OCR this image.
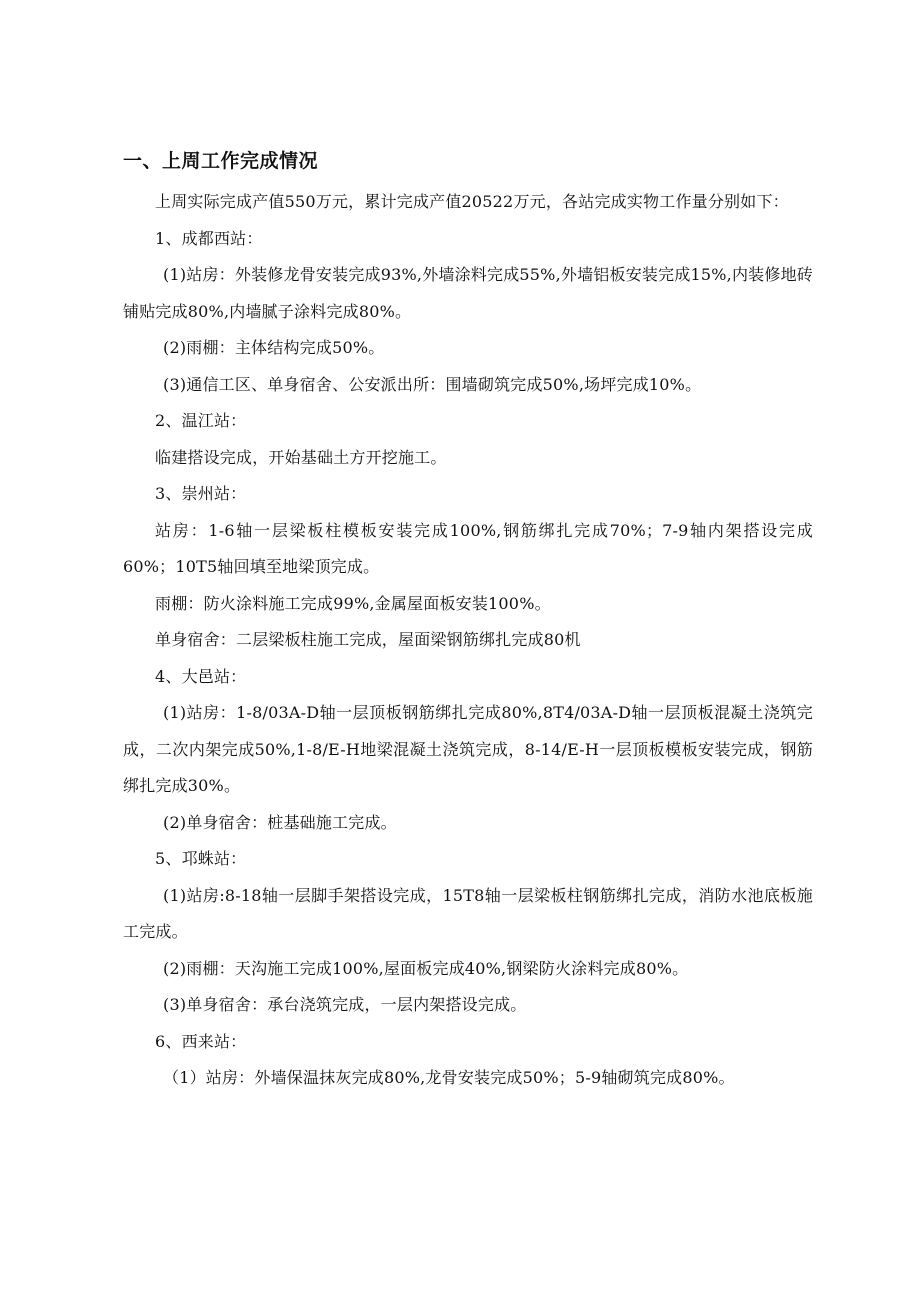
一、上周工作完成情况

上周实际完成产值550万元，累计完成产值20522万元，各站完成实物工作量分别如下：

1、成都西站：

(1)站房：外装修龙骨安装完成93%,外墙涂料完成55%,外墙铝板安装完成15%,内装修地砖铺贴完成80%,内墙腻子涂料完成80%。

(2)雨棚：主体结构完成50%。

(3)通信工区、单身宿舍、公安派出所：围墙砌筑完成50%,场坪完成10%。

2、温江站：

临建搭设完成，开始基础土方开挖施工。

3、崇州站：

站房：1-6轴一层梁板柱模板安装完成100%,钢筋绑扎完成70%；7-9轴内架搭设完成60%；10T5轴回填至地梁顶完成。

雨棚：防火涂料施工完成99%,金属屋面板安装100%。

单身宿舍：二层梁板柱施工完成，屋面梁钢筋绑扎完成80机

4、大邑站：

(1)站房：1-8/03A-D轴一层顶板钢筋绑扎完成80%,8T4/03A-D轴一层顶板混凝土浇筑完成，二次内架完成50%,1-8/E-H地梁混凝土浇筑完成，8-14/E-H一层顶板模板安装完成，钢筋绑扎完成30%。

(2)单身宿舍：桩基础施工完成。

5、邛蛛站：

(1)站房:8-18轴一层脚手架搭设完成，15T8轴一层梁板柱钢筋绑扎完成，消防水池底板施工完成。

(2)雨棚：天沟施工完成100%,屋面板完成40%,钢梁防火涂料完成80%。

(3)单身宿舍：承台浇筑完成，一层内架搭设完成。

6、西来站：

（1）站房：外墙保温抹灰完成80%,龙骨安装完成50%；5-9轴砌筑完成80%。
